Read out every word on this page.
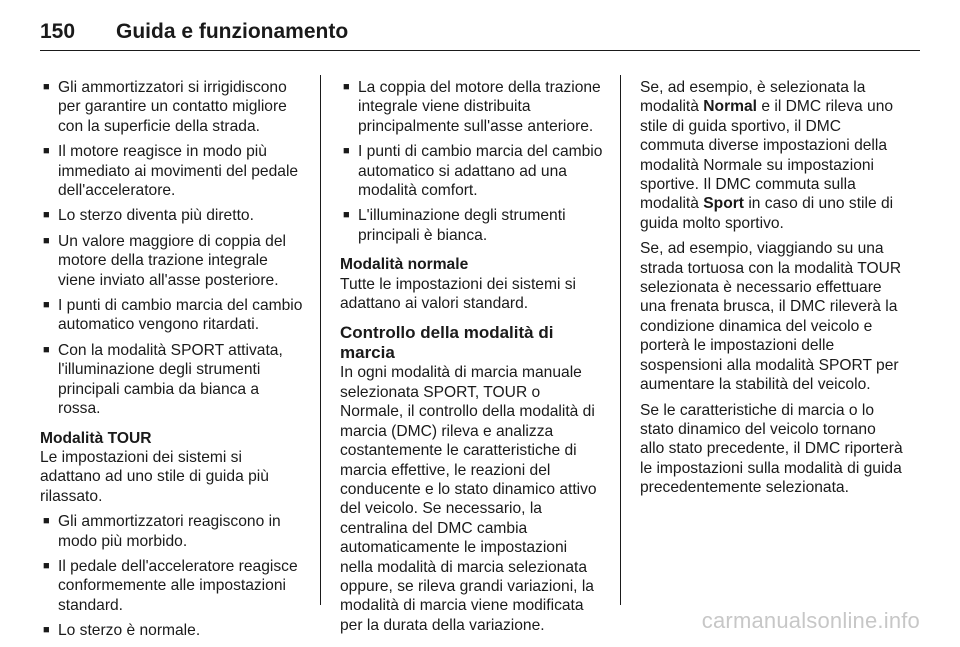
150 Guida e funzionamento
■ Gli ammortizzatori si irrigidiscono per garantire un contatto migliore con la superficie della strada.
■ Il motore reagisce in modo più immediato ai movimenti del pedale dell'acceleratore.
■ Lo sterzo diventa più diretto.
■ Un valore maggiore di coppia del motore della trazione integrale viene inviato all'asse posteriore.
■ I punti di cambio marcia del cambio automatico vengono ritardati.
■ Con la modalità SPORT attivata, l'illuminazione degli strumenti principali cambia da bianca a rossa.

Modalità TOUR

Le impostazioni dei sistemi si adattano ad uno stile di guida più rilassato.

■ Gli ammortizzatori reagiscono in modo più morbido.
■ Il pedale dell'acceleratore reagisce conformemente alle impostazioni standard.
■ Lo sterzo è normale.
■ La coppia del motore della trazione integrale viene distribuita principalmente sull'asse anteriore.
■ I punti di cambio marcia del cambio automatico si adattano ad una modalità comfort.
■ L'illuminazione degli strumenti principali è bianca.

Modalità normale

Tutte le impostazioni dei sistemi si adattano ai valori standard.

Controllo della modalità di marcia

In ogni modalità di marcia manuale selezionata SPORT, TOUR o Normale, il controllo della modalità di marcia (DMC) rileva e analizza costantemente le caratteristiche di marcia effettive, le reazioni del conducente e lo stato dinamico attivo del veicolo. Se necessario, la centralina del DMC cambia automaticamente le impostazioni nella modalità di marcia selezionata oppure, se rileva grandi variazioni, la modalità di marcia viene modificata per la durata della variazione.

Se, ad esempio, è selezionata la modalità Normal e il DMC rileva uno stile di guida sportivo, il DMC commuta diverse impostazioni della modalità Normale su impostazioni sportive. Il DMC commuta sulla modalità Sport in caso di uno stile di guida molto sportivo.

Se, ad esempio, viaggiando su una strada tortuosa con la modalità TOUR selezionata è necessario effettuare una frenata brusca, il DMC rileverà la condizione dinamica del veicolo e porterà le impostazioni delle sospensioni alla modalità SPORT per aumentare la stabilità del veicolo.

Se le caratteristiche di marcia o lo stato dinamico del veicolo tornano allo stato precedente, il DMC riporterà le impostazioni sulla modalità di guida precedentemente selezionata.

carmanualsonline.info
